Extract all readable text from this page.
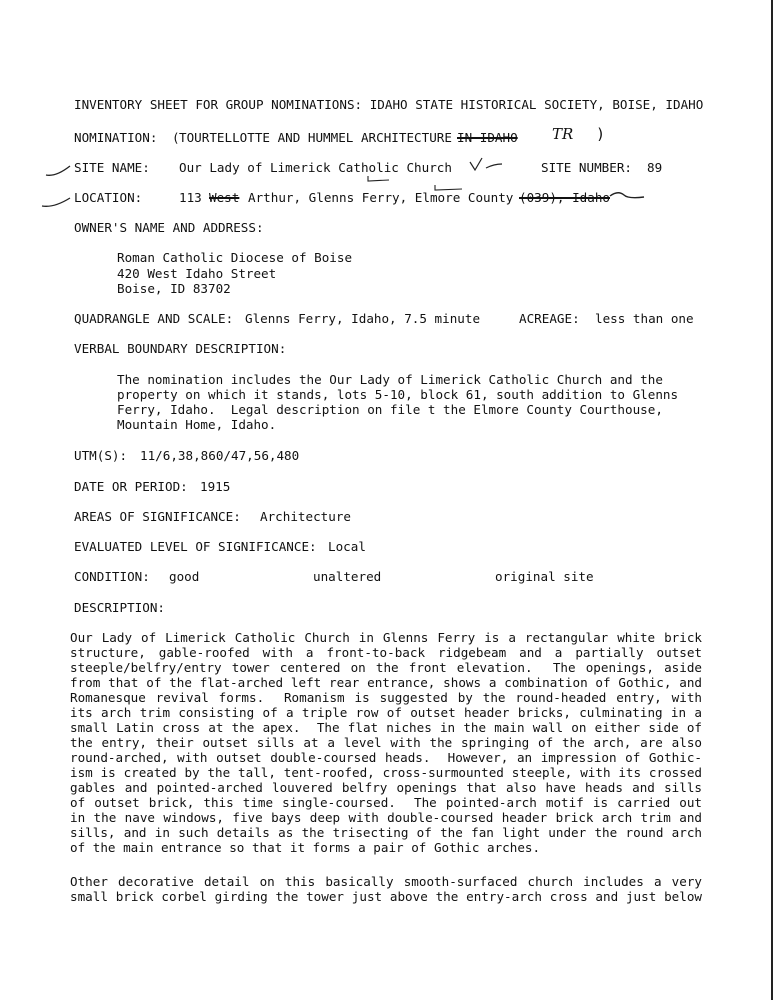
INVENTORY SHEET FOR GROUP NOMINATIONS: IDAHO STATE HISTORICAL SOCIETY, BOISE, IDAHO
NOMINATION: ( TOURTELLOTTE AND HUMMEL ARCHITECTURE IN IDAHO TR )
SITE NAME: Our Lady of Limerick Catholic Church	SITE NUMBER: 89
LOCATION:	113 West Arthur, Glenns Ferry, Elmore County (039), Idaho
OWNER'S NAME AND ADDRESS:
Roman Catholic Diocese of Boise
420 West Idaho Street
Boise, ID 83702
QUADRANGLE AND SCALE: Glenns Ferry, Idaho, 7.5 minute	ACREAGE: less than one
VERBAL BOUNDARY DESCRIPTION:
The nomination includes the Our Lady of Limerick Catholic Church and the
property on which it stands, lots 5-10, block 61, south addition to Glenns
Ferry, Idaho.  Legal description on file t the Elmore County Courthouse,
Mountain Home, Idaho.
UTM(S): 11/6,38,860/47,56,480
DATE OR PERIOD: 1915
AREAS OF SIGNIFICANCE: Architecture
EVALUATED LEVEL OF SIGNIFICANCE: Local
CONDITION: good	unaltered	original site
DESCRIPTION:
Our Lady of Limerick Catholic Church in Glenns Ferry is a rectangular white brick
structure, gable-roofed with a front-to-back ridgebeam and a partially outset
steeple/belfry/entry tower centered on the front elevation.  The openings, aside
from that of the flat-arched left rear entrance, shows a combination of Gothic, and
Romanesque revival forms.  Romanism is suggested by the round-headed entry, with
its arch trim consisting of a triple row of outset header bricks, culminating in a
small Latin cross at the apex.  The flat niches in the main wall on either side of
the entry, their outset sills at a level with the springing of the arch, are also
round-arched, with outset double-coursed heads.  However, an impression of Gothic-
ism is created by the tall, tent-roofed, cross-surmounted steeple, with its crossed
gables and pointed-arched louvered belfry openings that also have heads and sills
of outset brick, this time single-coursed.  The pointed-arch motif is carried out
in the nave windows, five bays deep with double-coursed header brick arch trim and
sills, and in such details as the trisecting of the fan light under the round arch
of the main entrance so that it forms a pair of Gothic arches.
Other decorative detail on this basically smooth-surfaced church includes a very
small brick corbel girding the tower just above the entry-arch cross and just below
